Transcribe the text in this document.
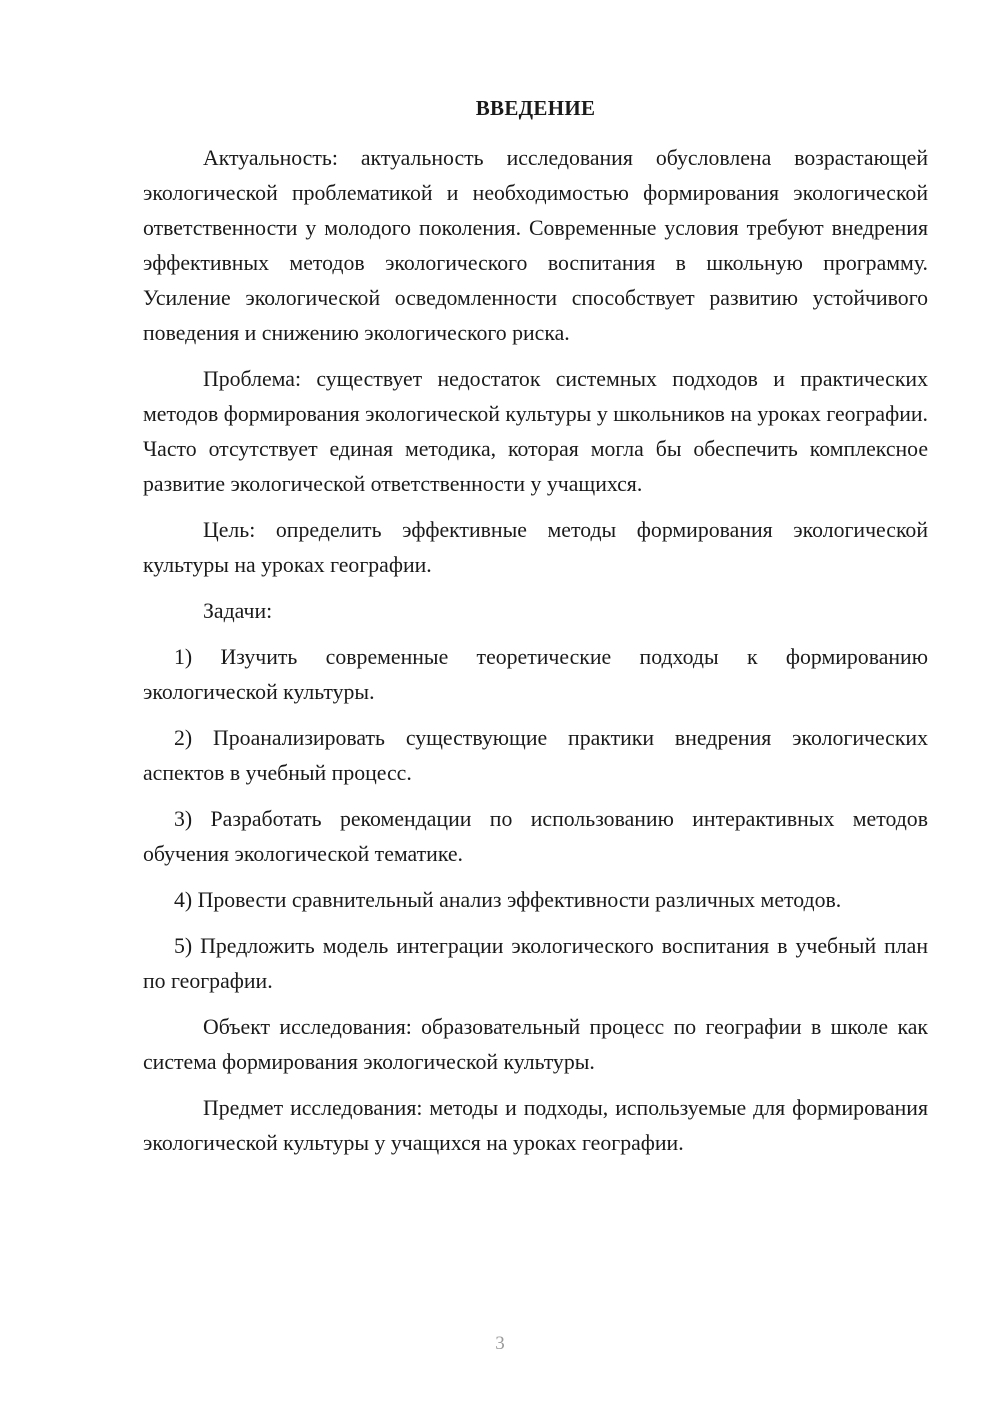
ВВЕДЕНИЕ

Актуальность: актуальность исследования обусловлена возрастающей экологической проблематикой и необходимостью формирования экологической ответственности у молодого поколения. Современные условия требуют внедрения эффективных методов экологического воспитания в школьную программу. Усиление экологической осведомленности способствует развитию устойчивого поведения и снижению экологического риска.

Проблема: существует недостаток системных подходов и практических методов формирования экологической культуры у школьников на уроках географии. Часто отсутствует единая методика, которая могла бы обеспечить комплексное развитие экологической ответственности у учащихся.

Цель: определить эффективные методы формирования экологической культуры на уроках географии.

Задачи:

1) Изучить современные теоретические подходы к формированию экологической культуры.

2) Проанализировать существующие практики внедрения экологических аспектов в учебный процесс.

3) Разработать рекомендации по использованию интерактивных методов обучения экологической тематике.

4) Провести сравнительный анализ эффективности различных методов.

5) Предложить модель интеграции экологического воспитания в учебный план по географии.

Объект исследования: образовательный процесс по географии в школе как система формирования экологической культуры.

Предмет исследования: методы и подходы, используемые для формирования экологической культуры у учащихся на уроках географии.

3
